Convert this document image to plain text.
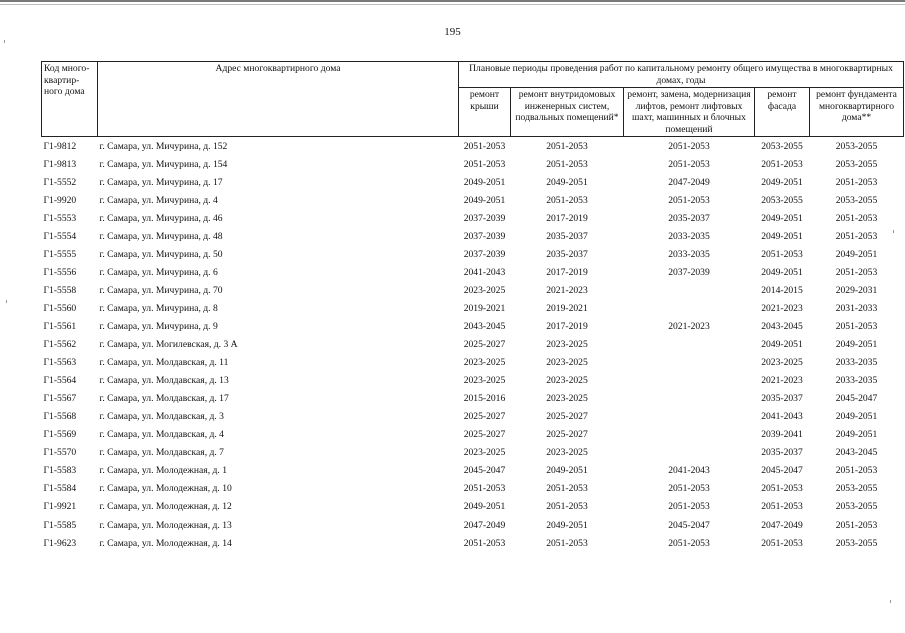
195
Код много-квартир-ного дома	Адрес многоквартирного дома	Плановые периоды проведения работ по капитальному ремонту общего имущества в многоквартирных домах, годы				
		ремонт крыши	ремонт внутридомовых инженерных систем, подвальных помещений*	ремонт, замена, модернизация лифтов, ремонт лифтовых шахт, машинных и блочных помещений	ремонт фасада	ремонт фундамента многоквартирного дома**
Г1-9812	г. Самара, ул. Мичурина, д. 152	2051-2053	2051-2053	2051-2053	2053-2055	2053-2055
Г1-9813	г. Самара, ул. Мичурина, д. 154	2051-2053	2051-2053	2051-2053	2051-2053	2053-2055
Г1-5552	г. Самара, ул. Мичурина, д. 17	2049-2051	2049-2051	2047-2049	2049-2051	2051-2053
Г1-9920	г. Самара, ул. Мичурина, д. 4	2049-2051	2051-2053	2051-2053	2053-2055	2053-2055
Г1-5553	г. Самара, ул. Мичурина, д. 46	2037-2039	2017-2019	2035-2037	2049-2051	2051-2053
Г1-5554	г. Самара, ул. Мичурина, д. 48	2037-2039	2035-2037	2033-2035	2049-2051	2051-2053
Г1-5555	г. Самара, ул. Мичурина, д. 50	2037-2039	2035-2037	2033-2035	2051-2053	2049-2051
Г1-5556	г. Самара, ул. Мичурина, д. 6	2041-2043	2017-2019	2037-2039	2049-2051	2051-2053
Г1-5558	г. Самара, ул. Мичурина, д. 70	2023-2025	2021-2023		2014-2015	2029-2031
Г1-5560	г. Самара, ул. Мичурина, д. 8	2019-2021	2019-2021		2021-2023	2031-2033
Г1-5561	г. Самара, ул. Мичурина, д. 9	2043-2045	2017-2019	2021-2023	2043-2045	2051-2053
Г1-5562	г. Самара, ул. Могилевская, д. 3 А	2025-2027	2023-2025		2049-2051	2049-2051
Г1-5563	г. Самара, ул. Молдавская, д. 11	2023-2025	2023-2025		2023-2025	2033-2035
Г1-5564	г. Самара, ул. Молдавская, д. 13	2023-2025	2023-2025		2021-2023	2033-2035
Г1-5567	г. Самара, ул. Молдавская, д. 17	2015-2016	2023-2025		2035-2037	2045-2047
Г1-5568	г. Самара, ул. Молдавская, д. 3	2025-2027	2025-2027		2041-2043	2049-2051
Г1-5569	г. Самара, ул. Молдавская, д. 4	2025-2027	2025-2027		2039-2041	2049-2051
Г1-5570	г. Самара, ул. Молдавская, д. 7	2023-2025	2023-2025		2035-2037	2043-2045
Г1-5583	г. Самара, ул. Молодежная, д. 1	2045-2047	2049-2051	2041-2043	2045-2047	2051-2053
Г1-5584	г. Самара, ул. Молодежная, д. 10	2051-2053	2051-2053	2051-2053	2051-2053	2053-2055
Г1-9921	г. Самара, ул. Молодежная, д. 12	2049-2051	2051-2053	2051-2053	2051-2053	2053-2055
Г1-5585	г. Самара, ул. Молодежная, д. 13	2047-2049	2049-2051	2045-2047	2047-2049	2051-2053
Г1-9623	г. Самара, ул. Молодежная, д. 14	2051-2053	2051-2053	2051-2053	2051-2053	2053-2055
